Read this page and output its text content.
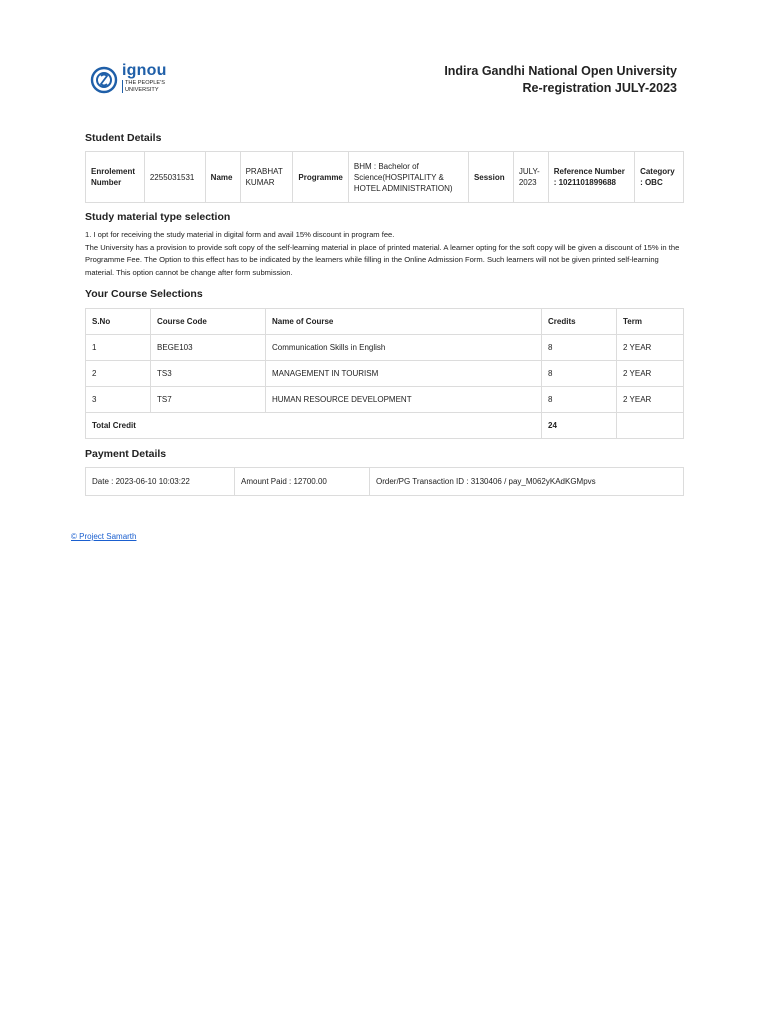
ignou
THE PEOPLE'S UNIVERSITY
Indira Gandhi National Open University
Re-registration JULY-2023
Student Details
Enrolement Number	2255031531	Name	PRABHAT KUMAR	Programme	BHM : Bachelor of Science(HOSPITALITY & HOTEL ADMINISTRATION)	Session	JULY-2023	Reference Number : 1021101899688	Category : OBC
Study material type selection
1. I opt for receiving the study material in digital form and avail 15% discount in program fee.
The University has a provision to provide soft copy of the self-learning material in place of printed material. A learner opting for the soft copy will be given a discount of 15% in the Programme Fee. The Option to this effect has to be indicated by the learners while filling in the Online Admission Form. Such learners will not be given printed self-learning material. This option cannot be change after form submission.
Your Course Selections
S.No	Course Code	Name of Course	Credits	Term
1	BEGE103	Communication Skills in English	8	2 YEAR
2	TS3	MANAGEMENT IN TOURISM	8	2 YEAR
3	TS7	HUMAN RESOURCE DEVELOPMENT	8	2 YEAR
Total Credit			24	
Payment Details
Date : 2023-06-10 10:03:22	Amount Paid : 12700.00	Order/PG Transaction ID : 3130406 / pay_M062yKAdKGMpvs
© Project Samarth
